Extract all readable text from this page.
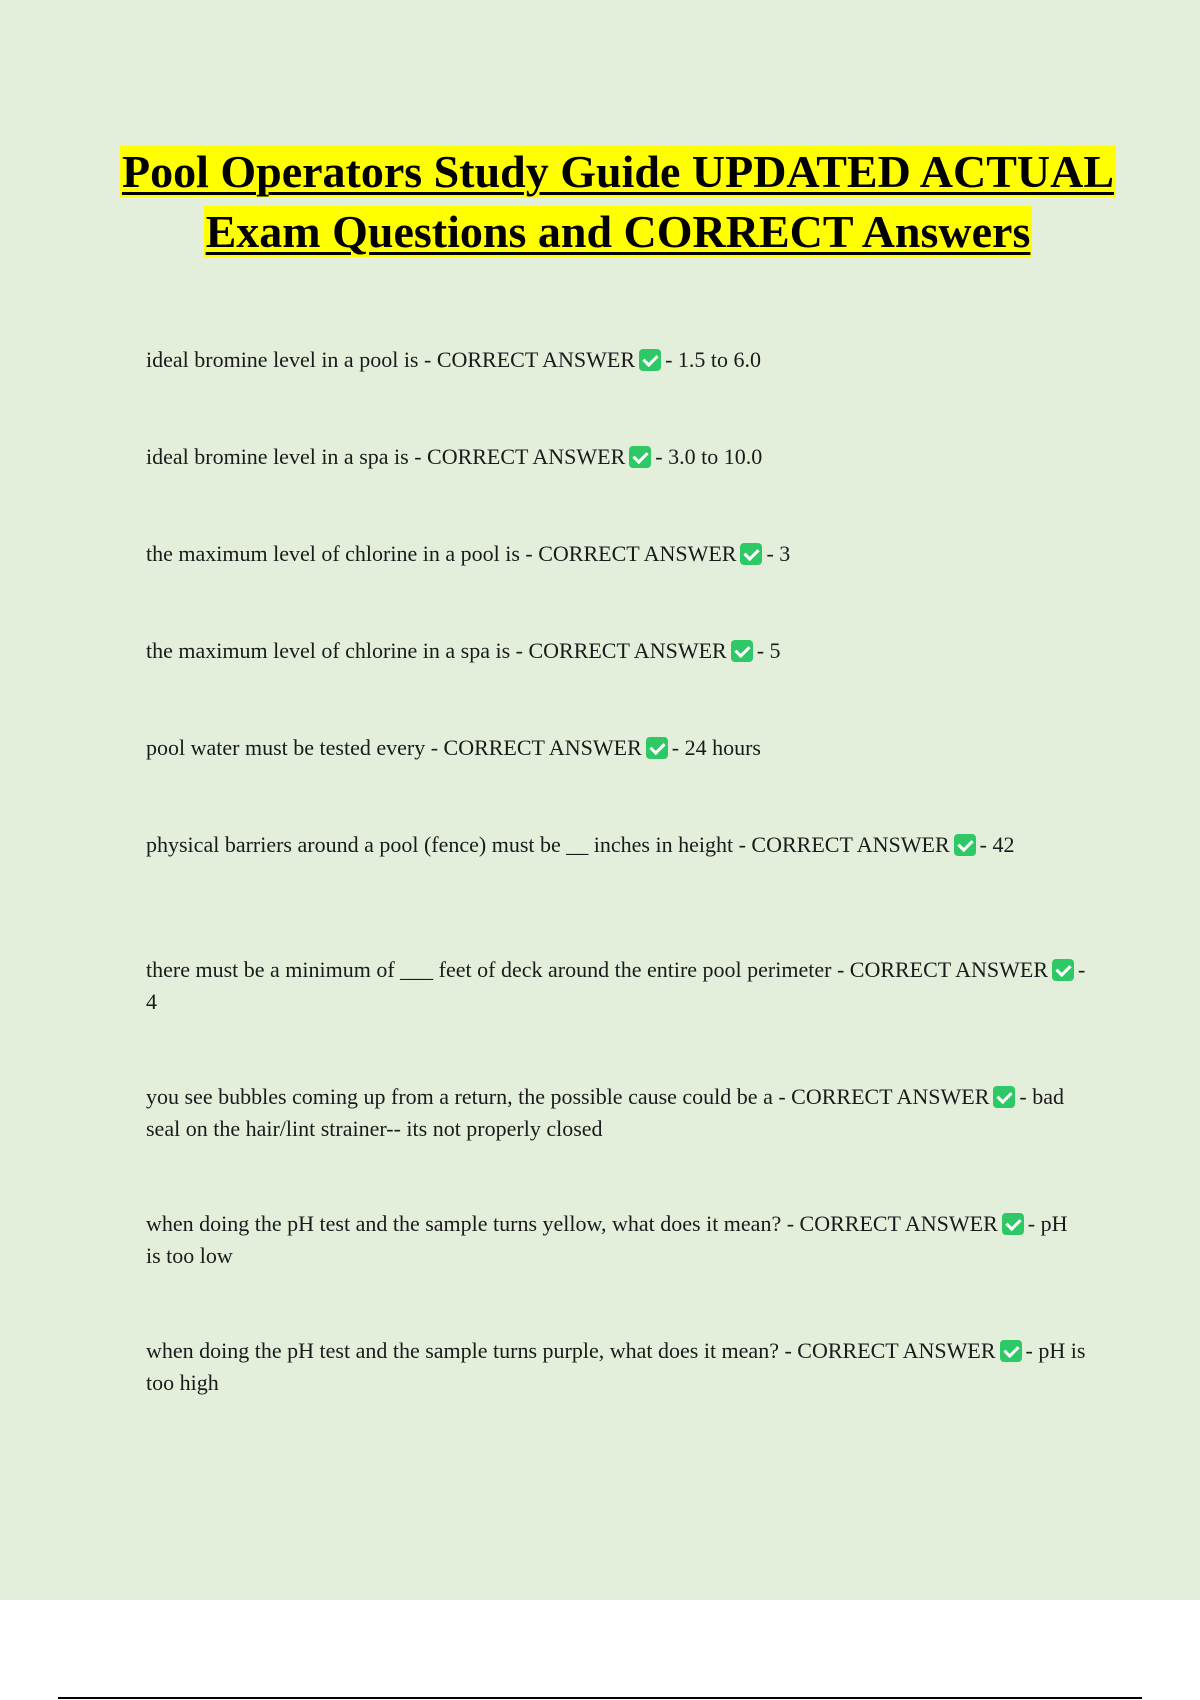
Pool Operators Study Guide UPDATED ACTUAL Exam Questions and CORRECT Answers

ideal bromine level in a pool is - CORRECT ANSWER - 1.5 to 6.0

ideal bromine level in a spa is - CORRECT ANSWER - 3.0 to 10.0

the maximum level of chlorine in a pool is - CORRECT ANSWER - 3

the maximum level of chlorine in a spa is - CORRECT ANSWER - 5

pool water must be tested every - CORRECT ANSWER - 24 hours

physical barriers around a pool (fence) must be __ inches in height - CORRECT ANSWER - 42

there must be a minimum of ___ feet of deck around the entire pool perimeter - CORRECT ANSWER - 4

you see bubbles coming up from a return, the possible cause could be a - CORRECT ANSWER - bad seal on the hair/lint strainer-- its not properly closed

when doing the pH test and the sample turns yellow, what does it mean? - CORRECT ANSWER - pH is too low

when doing the pH test and the sample turns purple, what does it mean? - CORRECT ANSWER - pH is too high
